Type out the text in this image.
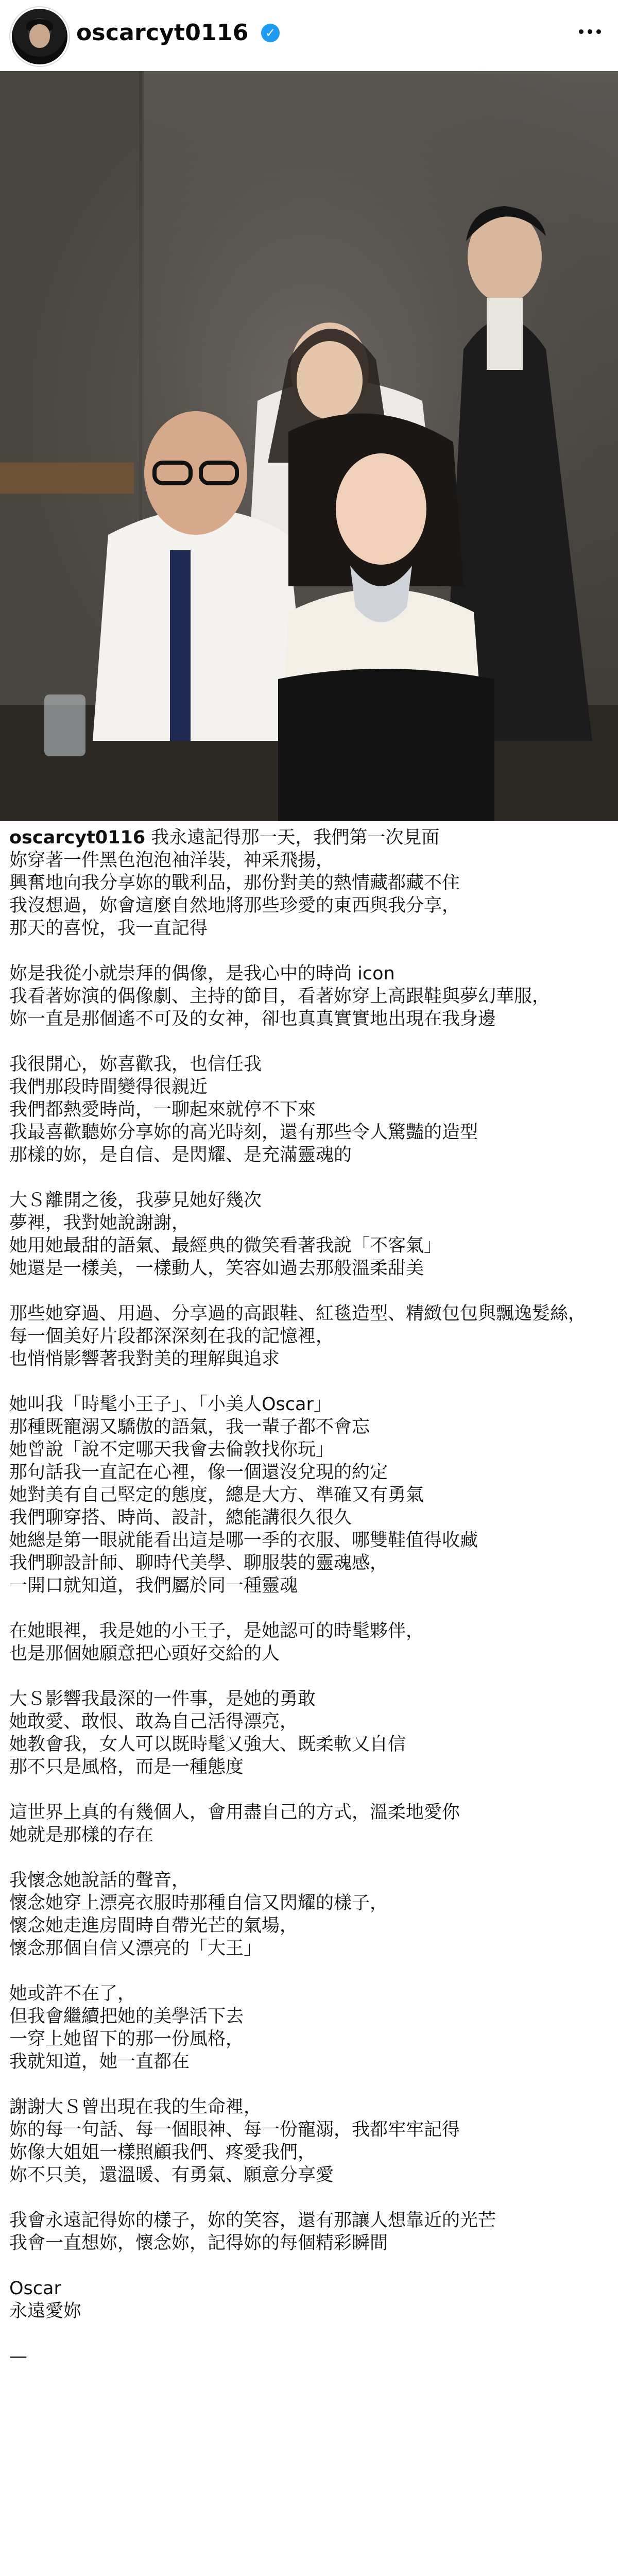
oscarcyt0116	✓
oscarcyt0116 我永遠記得那一天，我們第一次見面
妳穿著一件黑色泡泡袖洋裝，神采飛揚，
興奮地向我分享妳的戰利品，那份對美的熱情藏都藏不住
我沒想過，妳會這麼自然地將那些珍愛的東西與我分享，
那天的喜悅，我一直記得
妳是我從小就崇拜的偶像，是我心中的時尚 icon
我看著妳演的偶像劇、主持的節目，看著妳穿上高跟鞋與夢幻華服，
妳一直是那個遙不可及的女神，卻也真真實實地出現在我身邊
我很開心，妳喜歡我，也信任我
我們那段時間變得很親近
我們都熱愛時尚，一聊起來就停不下來
我最喜歡聽妳分享妳的高光時刻，還有那些令人驚豔的造型
那樣的妳，是自信、是閃耀、是充滿靈魂的
大Ｓ離開之後，我夢見她好幾次
夢裡，我對她說謝謝，
她用她最甜的語氣、最經典的微笑看著我說「不客氣」
她還是一樣美，一樣動人，笑容如過去那般溫柔甜美
那些她穿過、用過、分享過的高跟鞋、紅毯造型、精緻包包與飄逸髮絲，
每一個美好片段都深深刻在我的記憶裡，
也悄悄影響著我對美的理解與追求
她叫我「時髦小王子」、「小美人Oscar」
那種既寵溺又驕傲的語氣，我一輩子都不會忘
她曾說「說不定哪天我會去倫敦找你玩」
那句話我一直記在心裡，像一個還沒兌現的約定
她對美有自己堅定的態度，總是大方、準確又有勇氣
我們聊穿搭、時尚、設計，總能講很久很久
她總是第一眼就能看出這是哪一季的衣服、哪雙鞋值得收藏
我們聊設計師、聊時代美學、聊服裝的靈魂感，
一開口就知道，我們屬於同一種靈魂
在她眼裡，我是她的小王子，是她認可的時髦夥伴，
也是那個她願意把心頭好交給的人
大Ｓ影響我最深的一件事，是她的勇敢
她敢愛、敢恨、敢為自己活得漂亮，
她教會我，女人可以既時髦又強大、既柔軟又自信
那不只是風格，而是一種態度
這世界上真的有幾個人，會用盡自己的方式，溫柔地愛你
她就是那樣的存在
我懷念她說話的聲音，
懷念她穿上漂亮衣服時那種自信又閃耀的樣子，
懷念她走進房間時自帶光芒的氣場，
懷念那個自信又漂亮的「大王」
她或許不在了，
但我會繼續把她的美學活下去
一穿上她留下的那一份風格，
我就知道，她一直都在
謝謝大Ｓ曾出現在我的生命裡，
妳的每一句話、每一個眼神、每一份寵溺，我都牢牢記得
妳像大姐姐一樣照顧我們、疼愛我們，
妳不只美，還溫暖、有勇氣、願意分享愛
我會永遠記得妳的樣子，妳的笑容，還有那讓人想靠近的光芒
我會一直想妳，懷念妳，記得妳的每個精彩瞬間
Oscar
永遠愛妳
—
